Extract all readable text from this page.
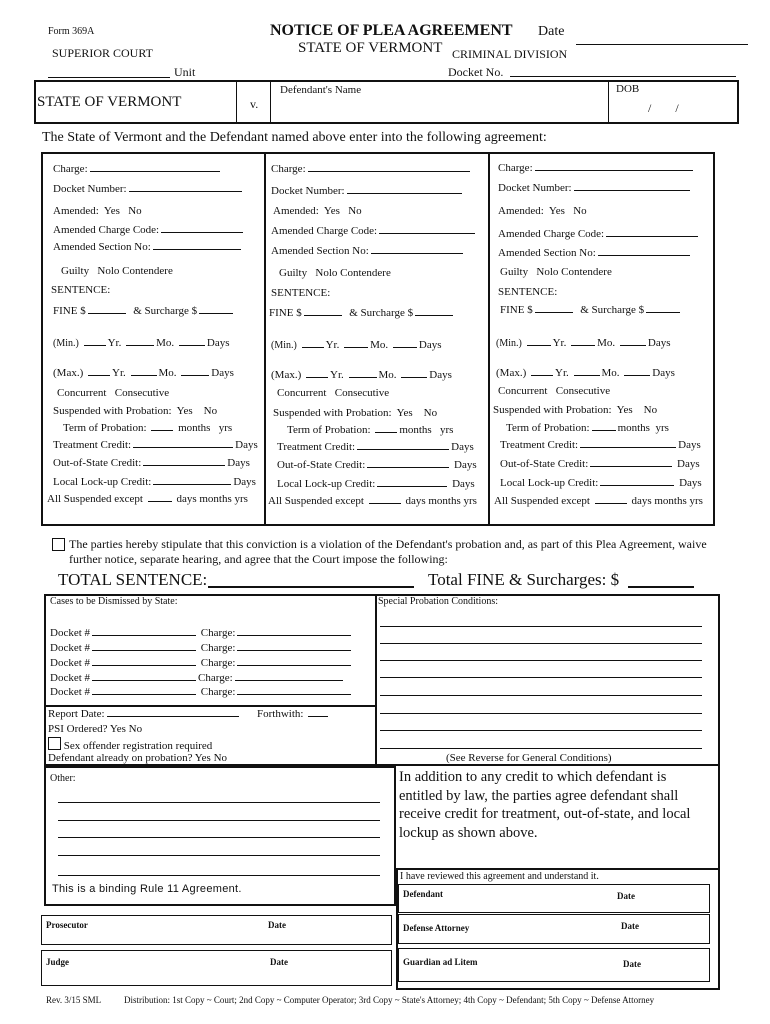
Form 369A	NOTICE OF PLEA AGREEMENT Date
SUPERIOR COURT	STATE OF VERMONT CRIMINAL DIVISION
Unit	Docket No.
STATE OF VERMONT	v.
Defendant's Name	DOB
/        /
The State of Vermont and the Defendant named above enter into the following agreement:
Charge:
Docket Number:
Amended: Yes No
Amended Charge Code:
Amended Section No:
Guilty Nolo Contendere
SENTENCE:
FINE $	& Surcharge $
(Min.)	Yr.	Mo.	Days
(Max.)	Yr.	Mo.	Days
Concurrent Consecutive
Suspended with Probation: Yes No
Term of Probation:	months yrs
Treatment Credit:	Days
Out-of-State Credit:	Days
Local Lock-up Credit:	Days
All Suspended except	days months yrs
Charge:
Docket Number:
Amended: Yes No
Amended Charge Code:
Amended Section No:
Guilty Nolo Contendere
SENTENCE:
FINE $	& Surcharge $
(Min.)	Yr.	Mo.	Days
(Max.)	Yr.	Mo.	Days
Concurrent Consecutive
Suspended with Probation: Yes No
Term of Probation:	months yrs
Treatment Credit:	Days
Out-of-State Credit:	Days
Local Lock-up Credit:	Days
All Suspended except	days months yrs
Charge:
Docket Number:
Amended: Yes No
Amended Charge Code:
Amended Section No:
Guilty Nolo Contendere
SENTENCE:
FINE $	& Surcharge $
(Min.)	Yr.	Mo.	Days
(Max.)	Yr.	Mo.	Days
Concurrent Consecutive
Suspended with Probation: Yes No
Term of Probation:	months yrs
Treatment Credit:	Days
Out-of-State Credit:	Days
Local Lock-up Credit:	Days
All Suspended except	days months yrs
The parties hereby stipulate that this conviction is a violation of the Defendant's probation and, as part of this Plea Agreement, waive further notice, separate hearing, and agree that the Court impose the following:
TOTAL SENTENCE:	Total FINE & Surcharges: $
Cases to be Dismissed by State:
Docket #	Charge:
Docket #	Charge:
Docket #	Charge:
Docket #	Charge:
Docket #	Charge:
Report Date:	Forthwith:
PSI Ordered? Yes No
Sex offender registration required
Defendant already on probation? Yes No
Special Probation Conditions:
(See Reverse for General Conditions)
Other:
This is a binding Rule 11 Agreement.
In addition to any credit to which defendant is entitled by law, the parties agree defendant shall receive credit for treatment, out-of-state, and local lockup as shown above.
I have reviewed this agreement and understand it.
Defendant	Date
Defense Attorney	Date
Guardian ad Litem	Date
Prosecutor	Date
Judge	Date
Rev. 3/15 SML	Distribution: 1st Copy ~ Court; 2nd Copy ~ Computer Operator; 3rd Copy ~ State's Attorney; 4th Copy ~ Defendant; 5th Copy ~ Defense Attorney
